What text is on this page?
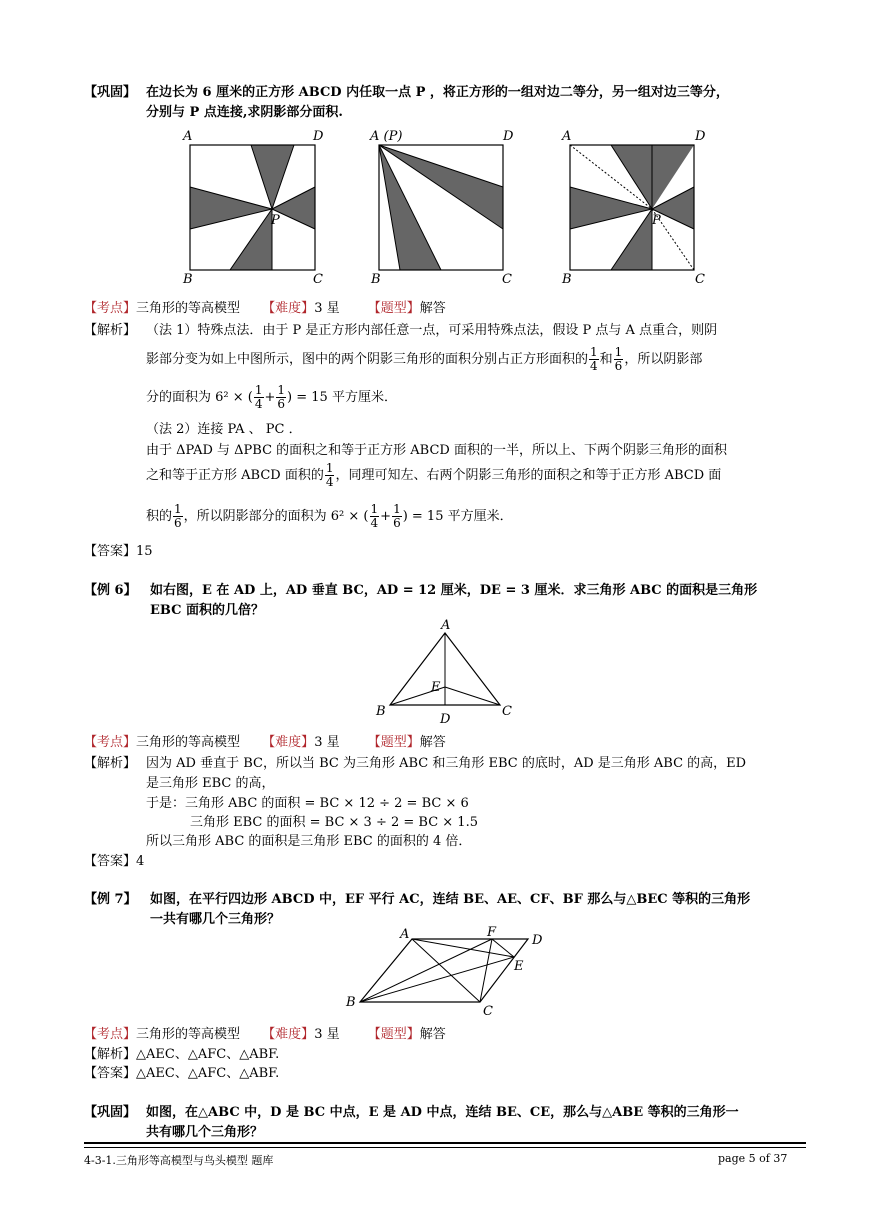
【巩固】 在边长为 6 厘米的正方形 ABCD 内任取一点 P ，将正方形的一组对边二等分，另一组对边三等分，
分别与 P 点连接,求阴影部分面积.
A	D
B	C
P
A (P)	D
B	C
A	D
B	C
P
【考点】三角形的等高模型 【难度】3 星 【题型】解答
【解析】 （法 1）特殊点法．由于 P 是正方形内部任意一点，可采用特殊点法，假设 P 点与 A 点重合，则阴
影部分变为如上中图所示，图中的两个阴影三角形的面积分别占正方形面积的 $\frac{1}{4}$ 和 $\frac{1}{6}$ ，所以阴影部
分的面积为 6² × ( $\frac{1}{4} + \frac{1}{6}$ ) = 15 平方厘米．
（法 2）连接 PA 、 PC ．
由于 ΔPAD 与 ΔPBC 的面积之和等于正方形 ABCD 面积的一半，所以上、下两个阴影三角形的面积
之和等于正方形 ABCD 面积的 $\frac{1}{4}$ ，同理可知左、右两个阴影三角形的面积之和等于正方形 ABCD 面
积的 $\frac{1}{6}$ ，所以阴影部分的面积为 6² × ( $\frac{1}{4} + \frac{1}{6}$ ) = 15 平方厘米．
【答案】15
【例 6】 如右图，E 在 AD 上，AD 垂直 BC，AD = 12 厘米，DE = 3 厘米．求三角形 ABC 的面积是三角形
EBC 面积的几倍？
A
B	C
D
E
【考点】三角形的等高模型 【难度】3 星 【题型】解答
【解析】 因为 AD 垂直于 BC，所以当 BC 为三角形 ABC 和三角形 EBC 的底时，AD 是三角形 ABC 的高，ED
是三角形 EBC 的高，
于是：三角形 ABC 的面积 = BC × 12 ÷ 2 = BC × 6
三角形 EBC 的面积 = BC × 3 ÷ 2 = BC × 1.5
所以三角形 ABC 的面积是三角形 EBC 的面积的 4 倍．
【答案】4
【例 7】 如图，在平行四边形 ABCD 中，EF 平行 AC，连结 BE、AE、CF、BF 那么与△BEC 等积的三角形
一共有哪几个三角形？
A	D
F
E
B
C
【考点】三角形的等高模型 【难度】3 星 【题型】解答
【解析】△AEC、△AFC、△ABF.
【答案】△AEC、△AFC、△ABF.
【巩固】 如图，在△ABC 中，D 是 BC 中点，E 是 AD 中点，连结 BE、CE，那么与△ABE 等积的三角形一
共有哪几个三角形？
4-3-1.三角形等高模型与鸟头模型 题库	page 5 of 37
